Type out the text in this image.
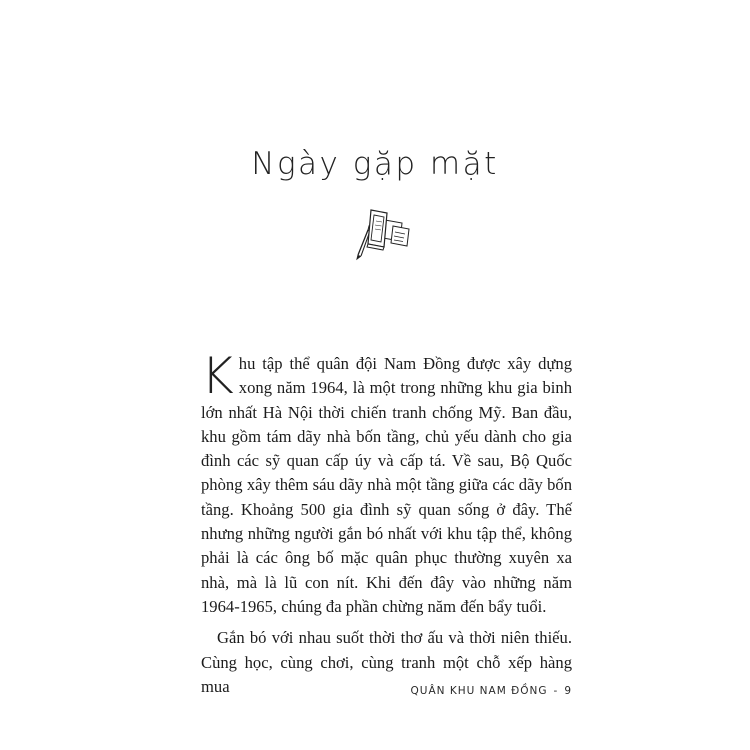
Ngày gặp mặt

Khu tập thể quân đội Nam Đồng được xây dựng xong năm 1964, là một trong những khu gia binh lớn nhất Hà Nội thời chiến tranh chống Mỹ. Ban đầu, khu gồm tám dãy nhà bốn tầng, chủ yếu dành cho gia đình các sỹ quan cấp úy và cấp tá. Về sau, Bộ Quốc phòng xây thêm sáu dãy nhà một tầng giữa các dãy bốn tầng. Khoảng 500 gia đình sỹ quan sống ở đây. Thế nhưng những người gắn bó nhất với khu tập thể, không phải là các ông bố mặc quân phục thường xuyên xa nhà, mà là lũ con nít. Khi đến đây vào những năm 1964-1965, chúng đa phần chừng năm đến bẩy tuổi.

Gắn bó với nhau suốt thời thơ ấu và thời niên thiếu. Cùng học, cùng chơi, cùng tranh một chỗ xếp hàng mua	QUÂN KHU NAM ĐỒNG - 9
